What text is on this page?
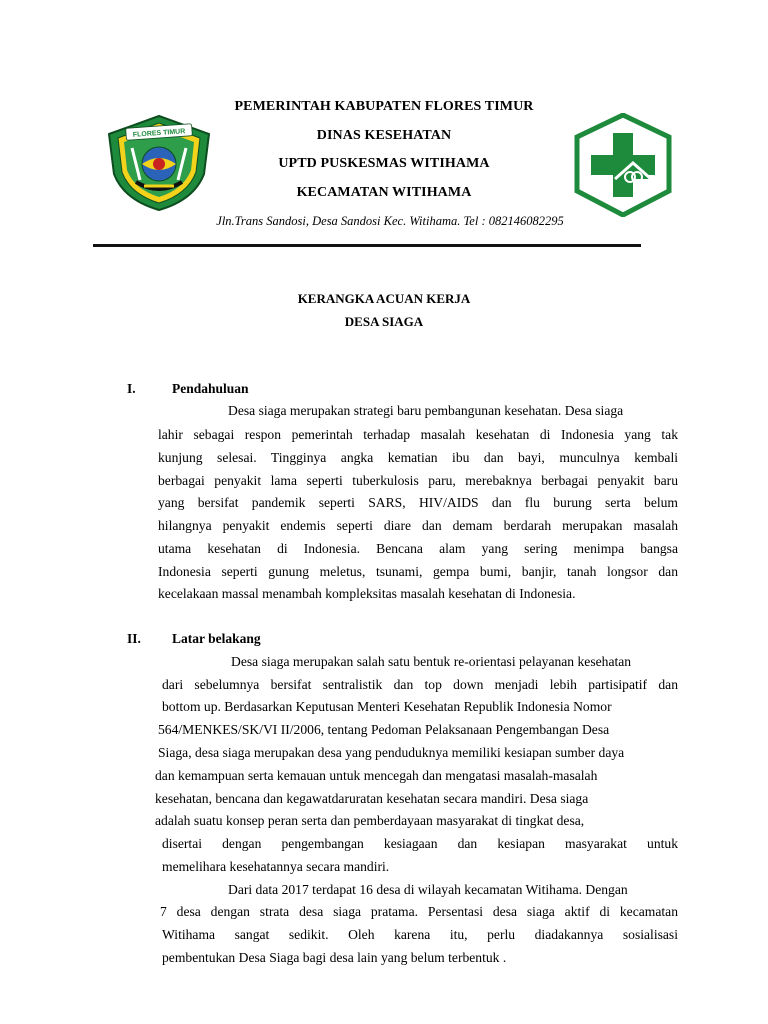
FLORES TIMUR
PEMERINTAH KABUPATEN FLORES TIMUR
DINAS KESEHATAN
UPTD PUSKESMAS WITIHAMA
KECAMATAN WITIHAMA
Jln.Trans Sandosi, Desa Sandosi Kec. Witihama. Tel : 082146082295
KERANGKA ACUAN KERJA
DESA SIAGA
I.	Pendahuluan
Desa siaga merupakan strategi baru pembangunan kesehatan. Desa siaga
lahir sebagai respon pemerintah terhadap masalah kesehatan di Indonesia yang tak
kunjung selesai. Tingginya angka kematian ibu dan bayi, munculnya kembali
berbagai penyakit lama seperti tuberkulosis paru, merebaknya berbagai penyakit baru
yang bersifat pandemik seperti SARS, HIV/AIDS dan flu burung serta belum
hilangnya penyakit endemis seperti diare dan demam berdarah merupakan masalah
utama kesehatan di Indonesia. Bencana alam yang sering menimpa bangsa
Indonesia seperti gunung meletus, tsunami, gempa bumi, banjir, tanah longsor dan
kecelakaan massal menambah kompleksitas masalah kesehatan di Indonesia.
II. Latar belakang
Desa siaga merupakan salah satu bentuk re-orientasi pelayanan kesehatan
dari sebelumnya bersifat sentralistik dan top down menjadi lebih partisipatif dan
bottom up. Berdasarkan Keputusan Menteri Kesehatan Republik Indonesia Nomor
564/MENKES/SK/VI II/2006, tentang Pedoman Pelaksanaan Pengembangan Desa
Siaga, desa siaga merupakan desa yang penduduknya memiliki kesiapan sumber daya
dan kemampuan serta kemauan untuk mencegah dan mengatasi masalah-masalah
kesehatan, bencana dan kegawatdaruratan kesehatan secara mandiri. Desa siaga
adalah suatu konsep peran serta dan pemberdayaan masyarakat di tingkat desa,
disertai dengan pengembangan kesiagaan dan kesiapan masyarakat untuk
memelihara kesehatannya secara mandiri.
Dari data 2017 terdapat 16 desa di wilayah kecamatan Witihama. Dengan
7 desa dengan strata desa siaga pratama. Persentasi desa siaga aktif di kecamatan
Witihama sangat sedikit. Oleh karena itu, perlu diadakannya sosialisasi
pembentukan Desa Siaga bagi desa lain yang belum terbentuk .
